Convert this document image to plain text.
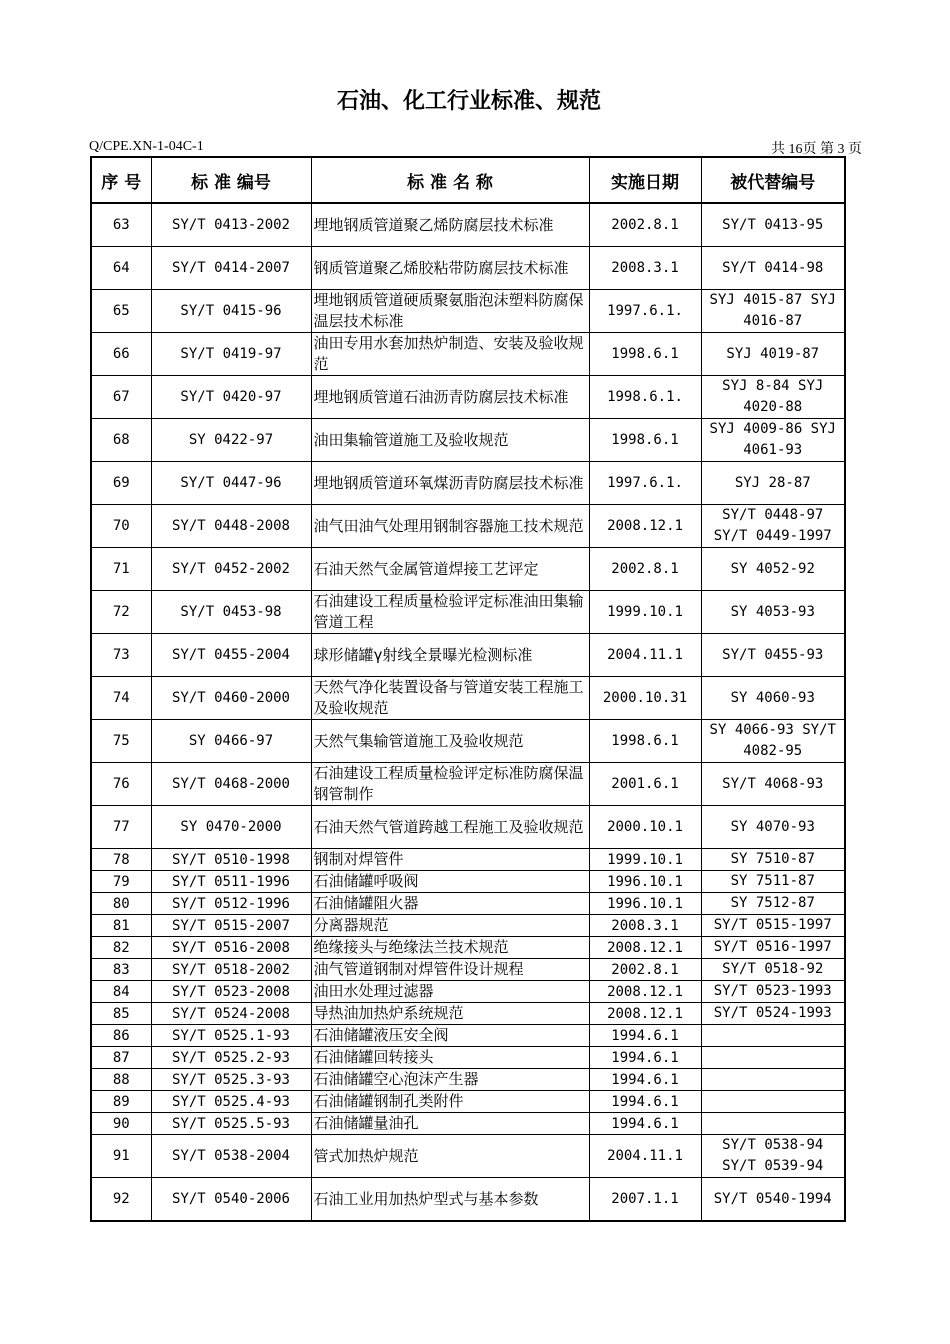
石油、化工行业标准、规范
Q/CPE.XN-1-04C-1	共 16页 第 3 页
序 号	标 准 编号	标 准 名 称	实施日期	被代替编号
63	SY/T 0413-2002	埋地钢质管道聚乙烯防腐层技术标准	2002.8.1	SY/T 0413-95
64	SY/T 0414-2007	钢质管道聚乙烯胶粘带防腐层技术标准	2008.3.1	SY/T 0414-98
65	SY/T 0415-96	埋地钢质管道硬质聚氨脂泡沫塑料防腐保温层技术标准	1997.6.1.	SYJ 4015-87 SYJ 4016-87
66	SY/T 0419-97	油田专用水套加热炉制造、安装及验收规范	1998.6.1	SYJ 4019-87
67	SY/T 0420-97	埋地钢质管道石油沥青防腐层技术标准	1998.6.1.	SYJ 8-84 SYJ 4020-88
68	SY 0422-97	油田集输管道施工及验收规范	1998.6.1	SYJ 4009-86 SYJ 4061-93
69	SY/T 0447-96	埋地钢质管道环氧煤沥青防腐层技术标准	1997.6.1.	SYJ 28-87
70	SY/T 0448-2008	油气田油气处理用钢制容器施工技术规范	2008.12.1	SY/T 0448-97 SY/T 0449-1997
71	SY/T 0452-2002	石油天然气金属管道焊接工艺评定	2002.8.1	SY 4052-92
72	SY/T 0453-98	石油建设工程质量检验评定标准油田集输管道工程	1999.10.1	SY 4053-93
73	SY/T 0455-2004	球形储罐γ射线全景曝光检测标准	2004.11.1	SY/T 0455-93
74	SY/T 0460-2000	天然气净化装置设备与管道安装工程施工及验收规范	2000.10.31	SY 4060-93
75	SY 0466-97	天然气集输管道施工及验收规范	1998.6.1	SY 4066-93 SY/T 4082-95
76	SY/T 0468-2000	石油建设工程质量检验评定标准防腐保温钢管制作	2001.6.1	SY/T 4068-93
77	SY 0470-2000	石油天然气管道跨越工程施工及验收规范	2000.10.1	SY 4070-93
78	SY/T 0510-1998	钢制对焊管件	1999.10.1	SY 7510-87
79	SY/T 0511-1996	石油储罐呼吸阀	1996.10.1	SY 7511-87
80	SY/T 0512-1996	石油储罐阻火器	1996.10.1	SY 7512-87
81	SY/T 0515-2007	分离器规范	2008.3.1	SY/T 0515-1997
82	SY/T 0516-2008	绝缘接头与绝缘法兰技术规范	2008.12.1	SY/T 0516-1997
83	SY/T 0518-2002	油气管道钢制对焊管件设计规程	2002.8.1	SY/T 0518-92
84	SY/T 0523-2008	油田水处理过滤器	2008.12.1	SY/T 0523-1993
85	SY/T 0524-2008	导热油加热炉系统规范	2008.12.1	SY/T 0524-1993
86	SY/T 0525.1-93	石油储罐液压安全阀	1994.6.1	
87	SY/T 0525.2-93	石油储罐回转接头	1994.6.1	
88	SY/T 0525.3-93	石油储罐空心泡沫产生器	1994.6.1	
89	SY/T 0525.4-93	石油储罐钢制孔类附件	1994.6.1	
90	SY/T 0525.5-93	石油储罐量油孔	1994.6.1	
91	SY/T 0538-2004	管式加热炉规范	2004.11.1	SY/T 0538-94 SY/T 0539-94
92	SY/T 0540-2006	石油工业用加热炉型式与基本参数	2007.1.1	SY/T 0540-1994
